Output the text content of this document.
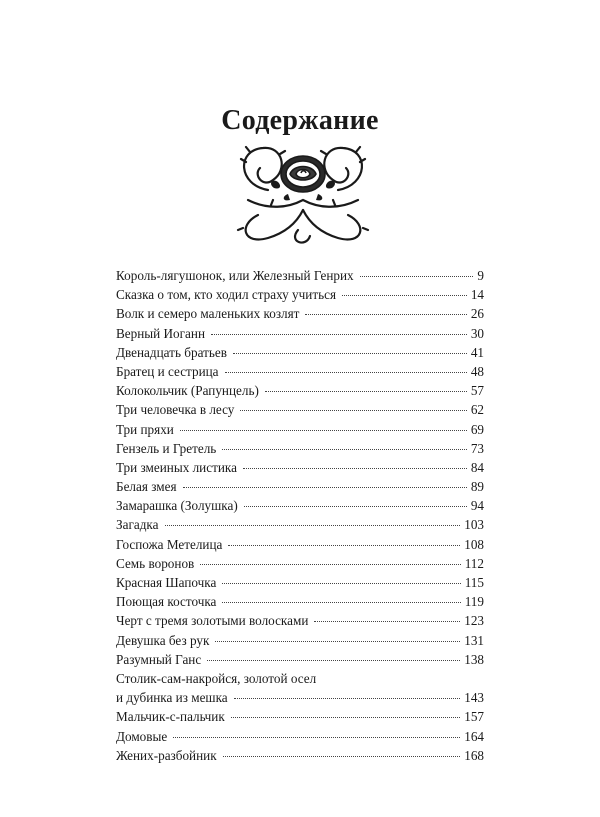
Содержание
Король-лягушонок, или Железный Генрих	9
Сказка о том, кто ходил страху учиться	14
Волк и семеро маленьких козлят	26
Верный Иоганн	30
Двенадцать братьев	41
Братец и сестрица	48
Колокольчик (Рапунцель)	57
Три человечка в лесу	62
Три пряхи	69
Гензель и Гретель	73
Три змеиных листика	84
Белая змея	89
Замарашка (Золушка)	94
Загадка	103
Госпожа Метелица	108
Семь воронов	112
Красная Шапочка	115
Поющая косточка	119
Черт с тремя золотыми волосками	123
Девушка без рук	131
Разумный Ганс	138
Столик-сам-накройся, золотой осел
и дубинка из мешка	143
Мальчик-с-пальчик	157
Домовые	164
Жених-разбойник	168
